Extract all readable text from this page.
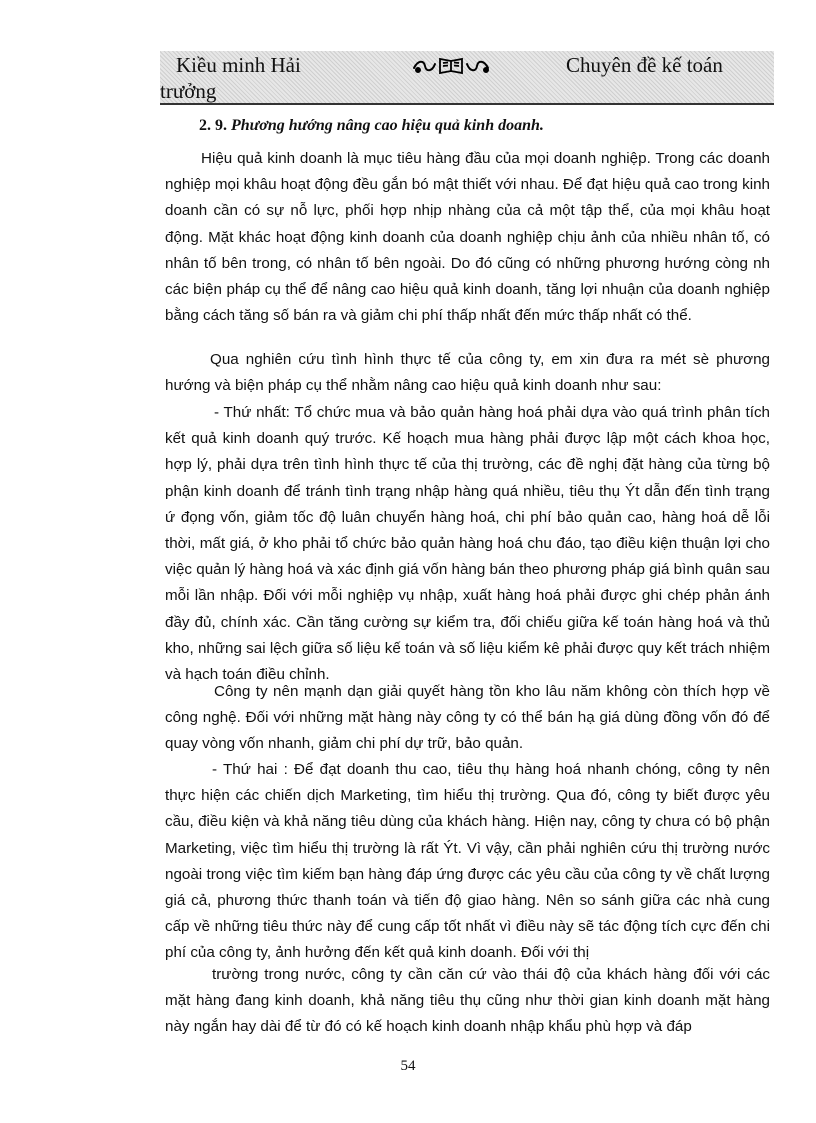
Kiều minh Hải
trưởng
Chuyên đề kế toán
2. 9. Phương hướng nâng cao hiệu quả kinh doanh.

Hiệu quả kinh doanh là mục tiêu hàng đầu của mọi doanh nghiệp. Trong các doanh nghiệp mọi khâu hoạt động đều gắn bó mật thiết với nhau. Để đạt hiệu quả cao trong kinh doanh cần có sự nỗ lực, phối hợp nhịp nhàng của cả một tập thể, của mọi khâu hoạt động. Mặt khác hoạt động kinh doanh của doanh nghiệp chịu ảnh của nhiều nhân tố, có nhân tố bên trong, có nhân tố bên ngoài. Do đó cũng có những phương hướng còng nh các biện pháp cụ thể để nâng cao hiệu quả kinh doanh, tăng lợi nhuận của doanh nghiệp bằng cách tăng số bán ra và giảm chi phí thấp nhất đến mức thấp nhất có thể.

Qua nghiên cứu tình hình thực tế của công ty, em xin đưa ra mét sè phương hướng và biện pháp cụ thể nhằm nâng cao hiệu quả kinh doanh như sau:

- Thứ nhất: Tổ chức mua và bảo quản hàng hoá phải dựa vào quá trình phân tích kết quả kinh doanh quý trước. Kế hoạch mua hàng phải được lập một cách khoa học, hợp lý, phải dựa trên tình hình thực tế của thị trường, các đề nghị đặt hàng của từng bộ phận kinh doanh để tránh tình trạng nhập hàng quá nhiều, tiêu thụ Ýt dẫn đến tình trạng ứ đọng vốn, giảm tốc độ luân chuyển hàng hoá, chi phí bảo quản cao, hàng hoá dễ lỗi thời, mất giá, ở kho phải tổ chức bảo quản hàng hoá chu đáo, tạo điều kiện thuận lợi cho việc quản lý hàng hoá và xác định giá vốn hàng bán theo phương pháp giá bình quân sau mỗi lần nhập. Đối với mỗi nghiệp vụ nhập, xuất hàng hoá phải được ghi chép phản ánh đầy đủ, chính xác. Cần tăng cường sự kiểm tra, đối chiếu giữa kế toán hàng hoá và thủ kho, những sai lệch giữa số liệu kế toán và số liệu kiểm kê phải được quy kết trách nhiệm và hạch toán điều chỉnh.

Công ty nên mạnh dạn giải quyết hàng tồn kho lâu năm không còn thích hợp về công nghệ. Đối với những mặt hàng này công ty có thể bán hạ giá dùng đồng vốn đó để quay vòng vốn nhanh, giảm chi phí dự trữ, bảo quản.

- Thứ hai : Để đạt doanh thu cao, tiêu thụ hàng hoá nhanh chóng, công ty nên thực hiện các chiến dịch Marketing, tìm hiểu thị trường. Qua đó, công ty biết được yêu cầu, điều kiện và khả năng tiêu dùng của khách hàng. Hiện nay, công ty chưa có bộ phận Marketing, việc tìm hiểu thị trường là rất Ýt. Vì vậy, cần phải nghiên cứu thị trường nước ngoài trong việc tìm kiếm bạn hàng đáp ứng được các yêu cầu của công ty về chất lượng giá cả, phương thức thanh toán và tiến độ giao hàng. Nên so sánh giữa các nhà cung cấp về những tiêu thức này để cung cấp tốt nhất vì điều này sẽ tác động tích cực đến chi phí của công ty, ảnh hưởng đến kết quả kinh doanh. Đối với thị

trường trong nước, công ty cần căn cứ vào thái độ của khách hàng đối với các mặt hàng đang kinh doanh, khả năng tiêu thụ cũng như thời gian kinh doanh mặt hàng này ngắn hay dài để từ đó có kế hoạch kinh doanh nhập khẩu phù hợp và đáp

54
